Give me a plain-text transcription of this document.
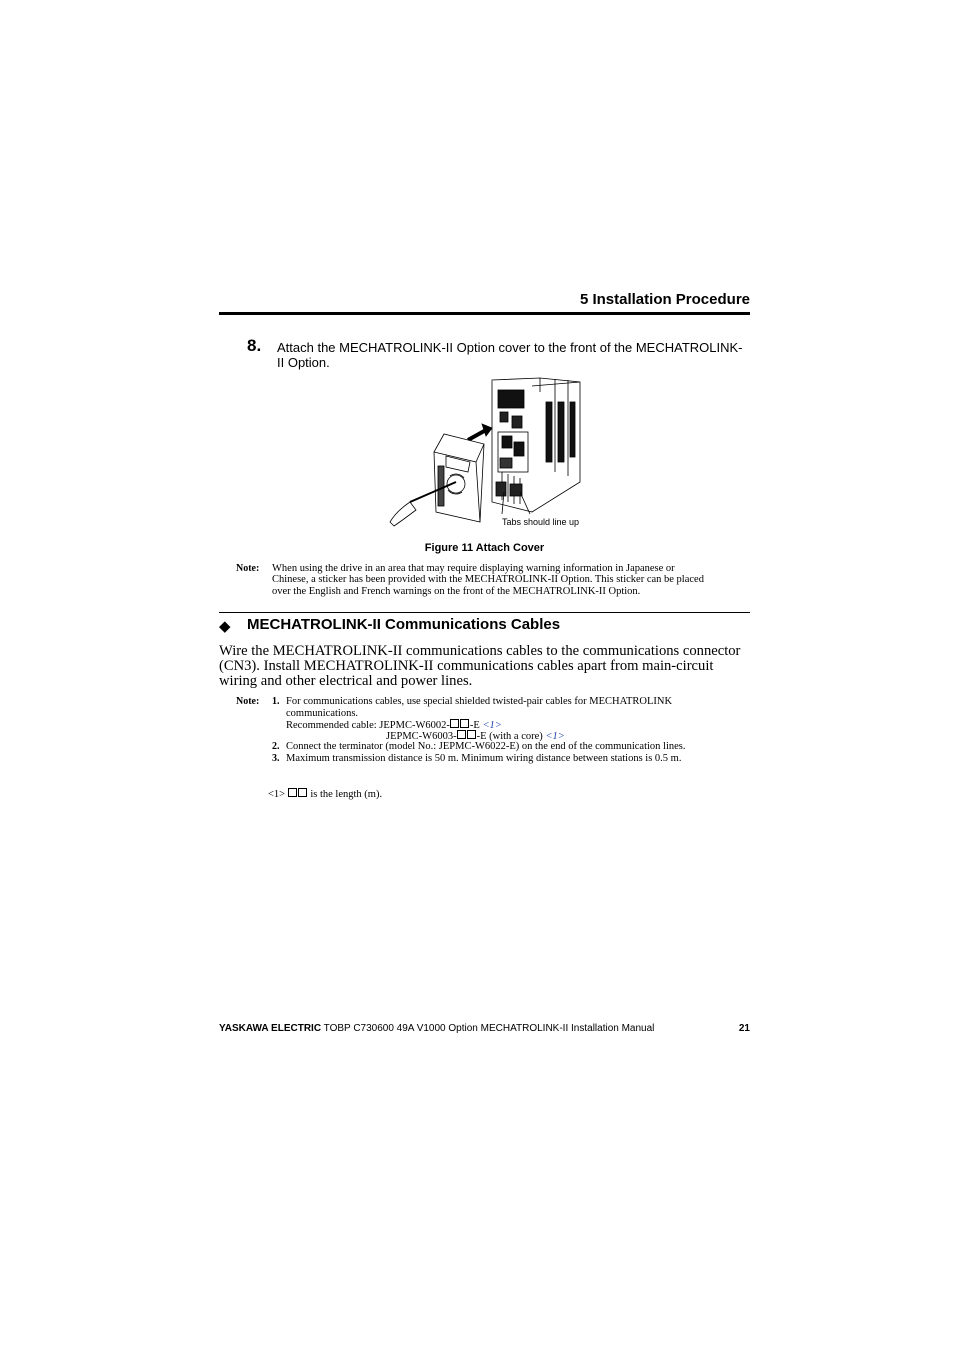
5 Installation Procedure
8. Attach the MECHATROLINK-II Option cover to the front of the MECHATROLINK-II Option.
Tabs should line up
Figure 11 Attach Cover
Note: When using the drive in an area that may require displaying warning information in Japanese or Chinese, a sticker has been provided with the MECHATROLINK-II Option. This sticker can be placed over the English and French warnings on the front of the MECHATROLINK-II Option.
◆ MECHATROLINK-II Communications Cables
Wire the MECHATROLINK-II communications cables to the communications connector (CN3). Install MECHATROLINK-II communications cables apart from main-circuit wiring and other electrical and power lines.
Note: 1. For communications cables, use special shielded twisted-pair cables for MECHATROLINK
communications.
Recommended cable: JEPMC-W6002- -E <1>
JEPMC-W6003- -E (with a core) <1>
2. Connect the terminator (model No.: JEPMC-W6022-E) on the end of the communication lines.
3. Maximum transmission distance is 50 m. Minimum wiring distance between stations is 0.5 m.
<1> is the length (m).
YASKAWA ELECTRIC TOBP C730600 49A V1000 Option MECHATROLINK-II Installation Manual	21
